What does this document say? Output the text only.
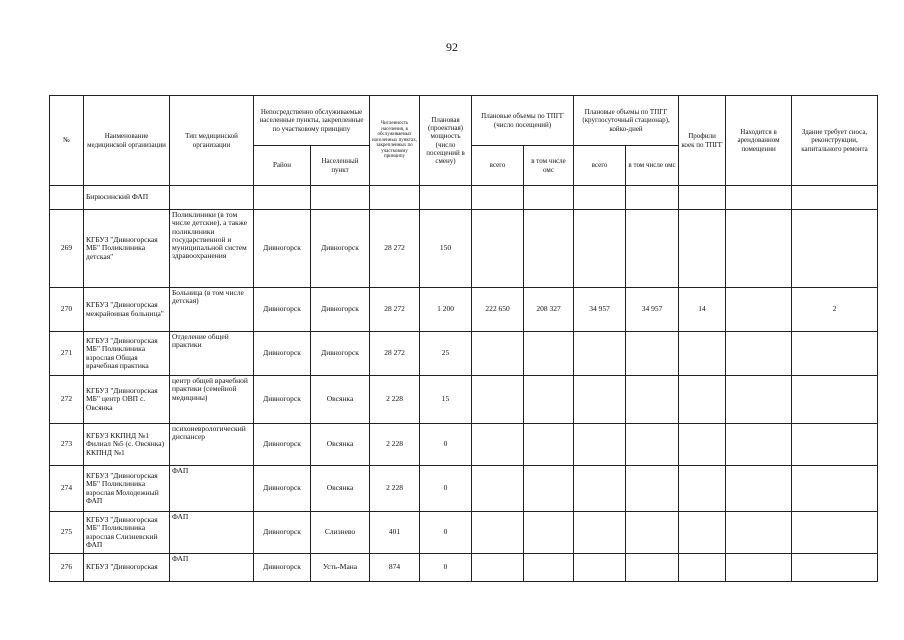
92
№	Наименование медицинской организации	Тип медицинской организации	Непосредственно обслуживаемые населенные пункты, закрепленные по участковому принципу		Численность населения, в обслуживаемых населенных пунктах, закрепленных по участковому принципу	Плановая (проектная) мощность (число посещений в смену)	Плановые объемы по ТПГГ (число посещений)		Плановые объемы по ТПГГ (круглосуточный стационар), койко-дней		Профили коек по ТПГГ	Находится в арендованном помещении	Здание требует сноса, реконструкции, капитального ремонта
			Район	Населенный пункт			всего	в том числе омс	всего	в том числе омс			
	Бирюсинский ФАП												
269	КГБУЗ "Дивногорская МБ" Поликлиника детская"	Поликлиники (в том числе детские), а также поликлиники государственной и муниципальной систем здравоохранения	Дивногорск	Дивногорск	28 272	150							
270	КГБУЗ "Дивногорская межрайонная больница"	Больница (в том числе детская)	Дивногорск	Дивногорск	28 272	1 200	222 650	208 327	34 957	34 957	14		2
271	КГБУЗ "Дивногорская МБ" Поликлиника взрослая Общая врачебная практика	Отделение общей практики	Дивногорск	Дивногорск	28 272	25							
272	КГБУЗ "Дивногорская МБ" центр ОВП с. Овсянка	центр общей врачебной практики (семейной медицины)	Дивногорск	Овсянка	2 228	15							
273	КГБУЗ ККПНД №1 Филиал №5 (с. Овсянка) ККПНД №1	психоневрологический диспансер	Дивногорск	Овсянка	2 228	0							
274	КГБУЗ "Дивногорская МБ" Поликлиника взрослая Молодежный ФАП	ФАП	Дивногорск	Овсянка	2 228	0							
275	КГБУЗ "Дивногорская МБ" Поликлиника взрослая Слизневский ФАП	ФАП	Дивногорск	Слизнево	401	0							
276	КГБУЗ "Дивногорская	ФАП	Дивногорск	Усть-Мана	874	0							
